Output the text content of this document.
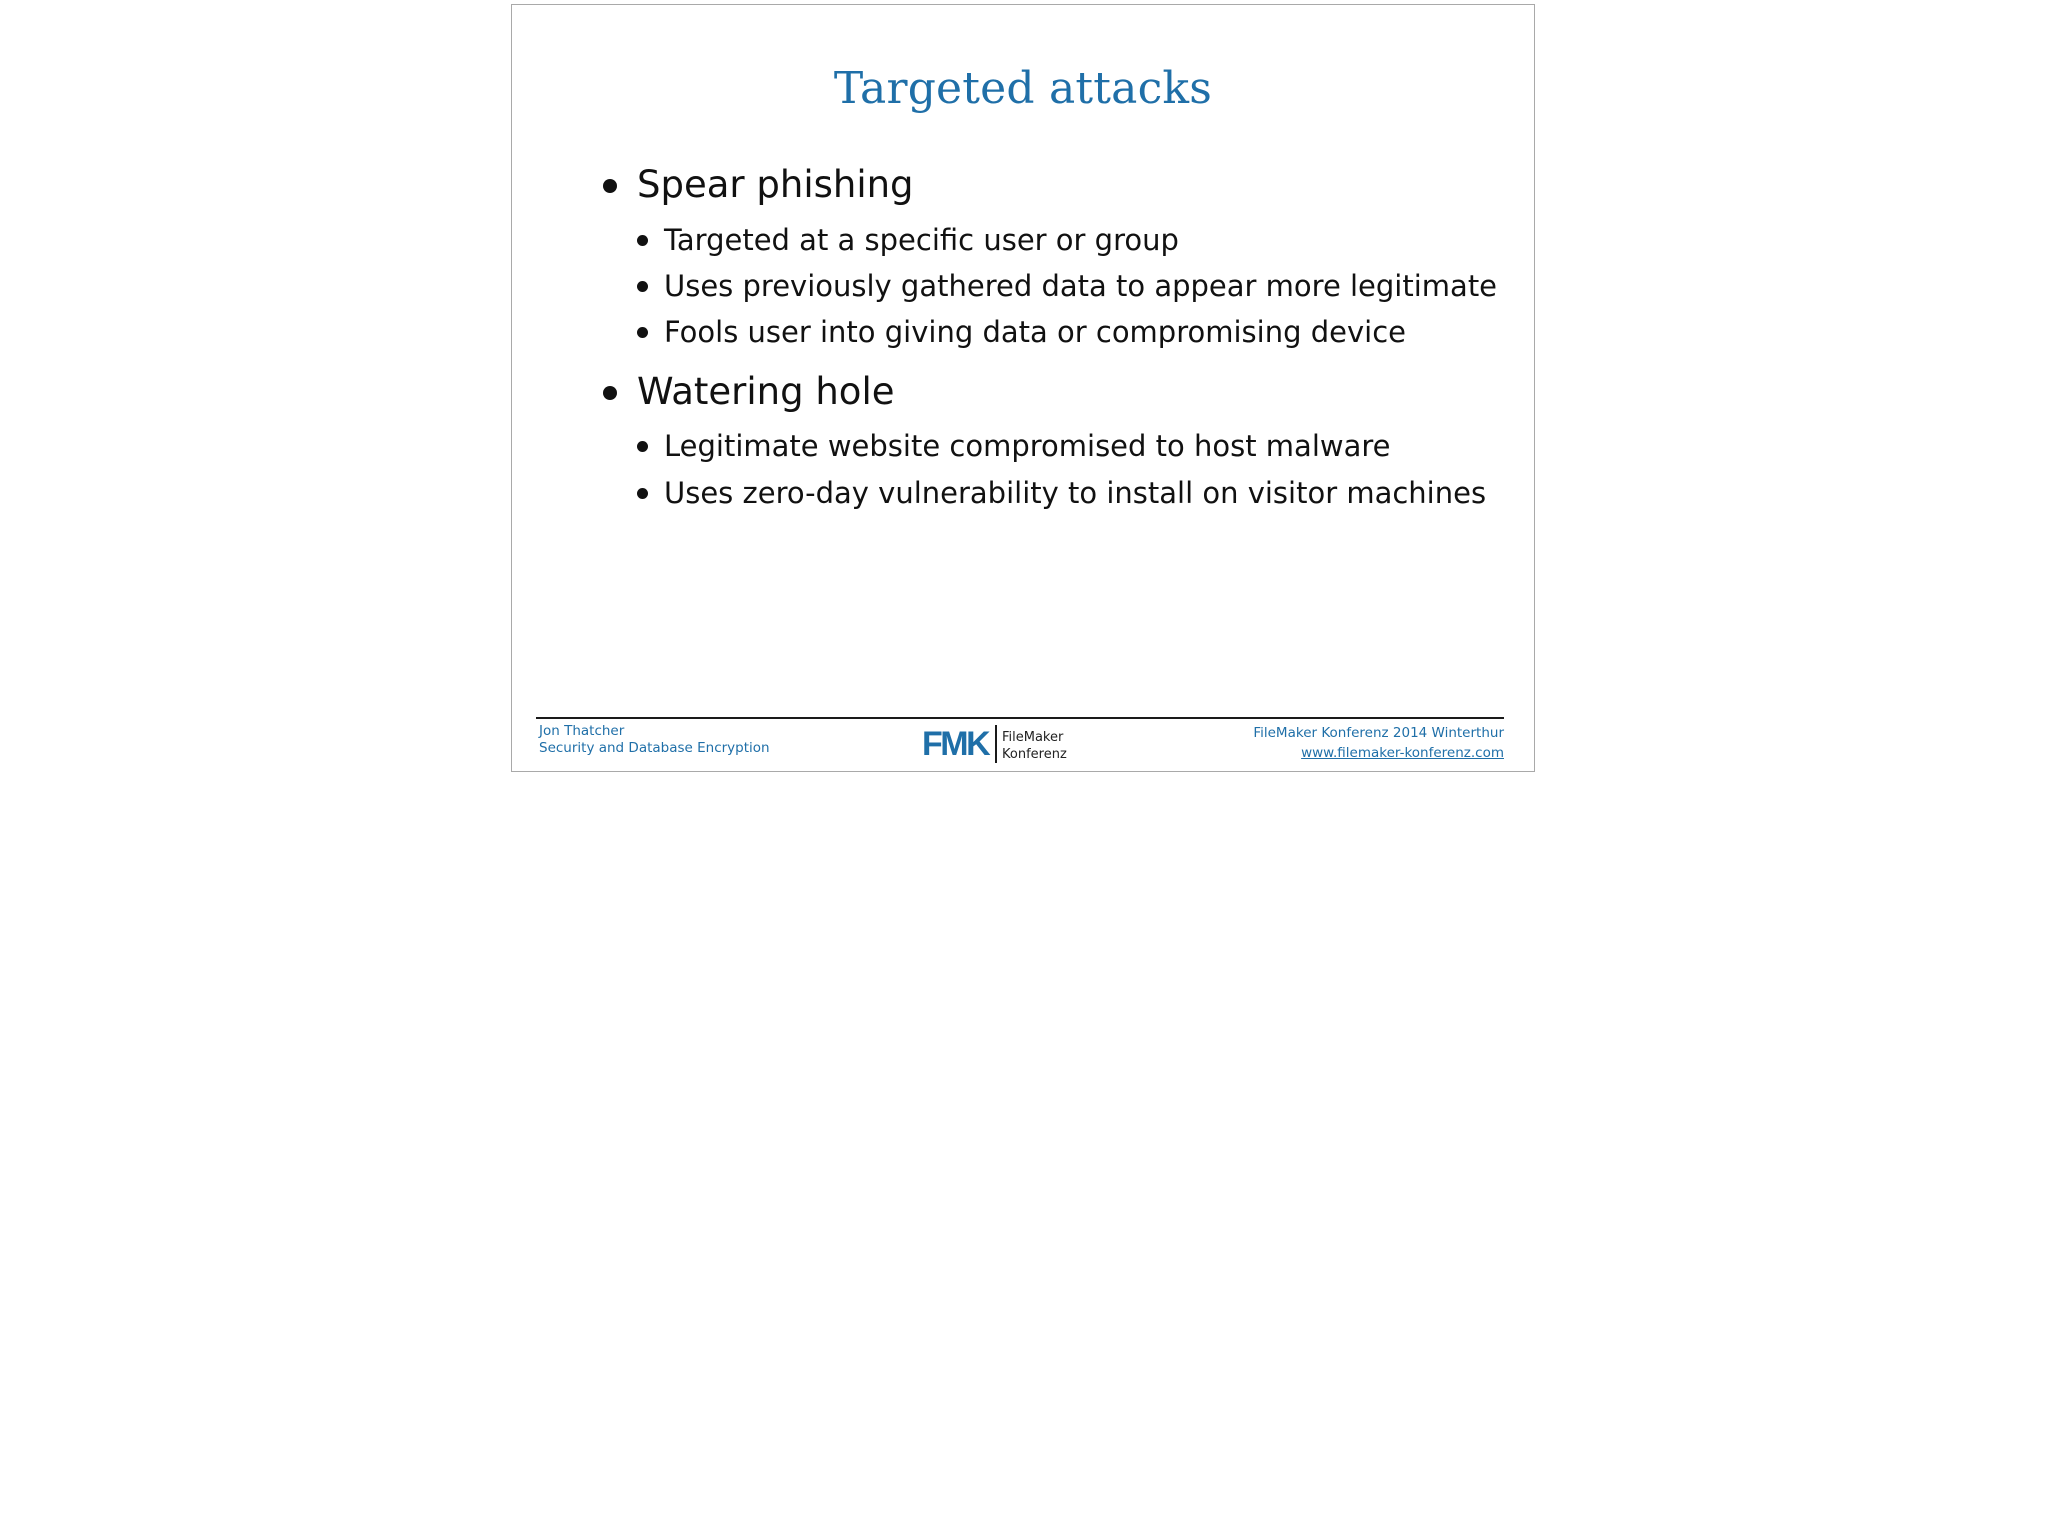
Targeted attacks
Spear phishing
Targeted at a specific user or group
Uses previously gathered data to appear more legitimate
Fools user into giving data or compromising device
Watering hole
Legitimate website compromised to host malware
Uses zero-day vulnerability to install on visitor machines
Jon Thatcher
Security and Database Encryption	FMK FileMaker
Konferenz
FileMaker Konferenz 2014 Winterthur
www.filemaker-konferenz.com
